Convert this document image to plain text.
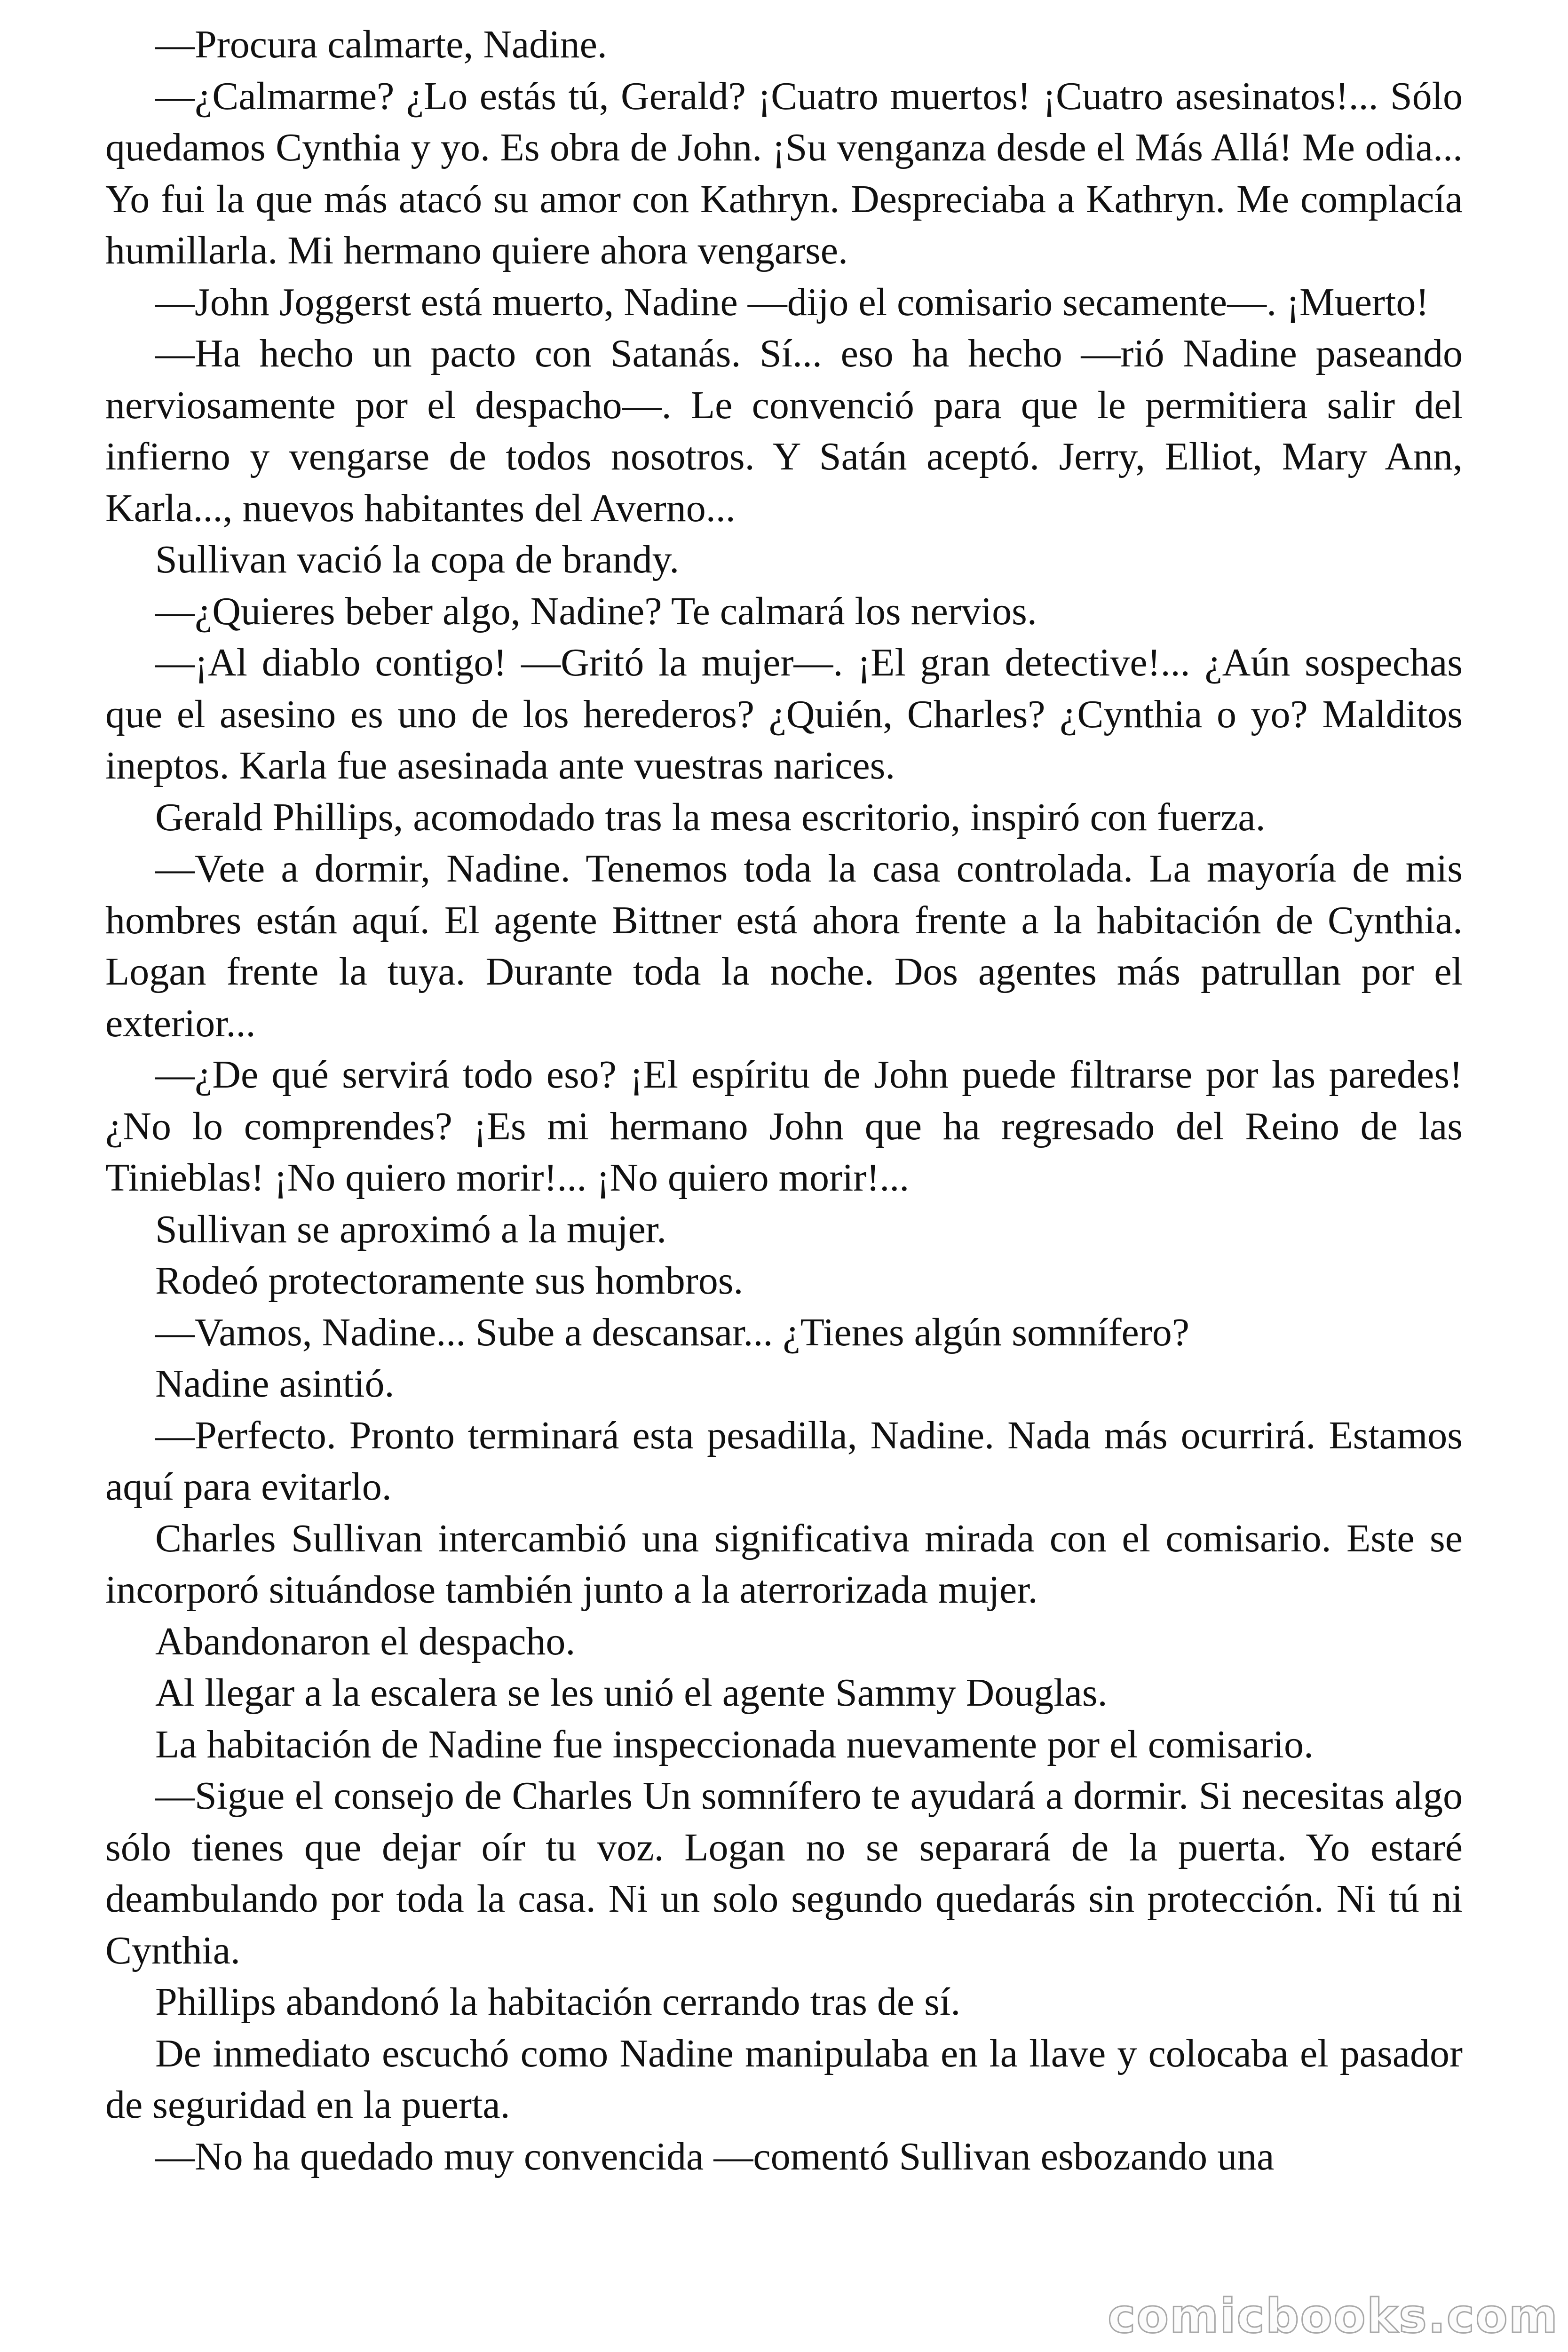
—Procura calmarte, Nadine.

—¿Calmarme? ¿Lo estás tú, Gerald? ¡Cuatro muertos! ¡Cuatro asesinatos!... Sólo quedamos Cynthia y yo. Es obra de John. ¡Su venganza desde el Más Allá! Me odia... Yo fui la que más atacó su amor con Kathryn. Despreciaba a Kathryn. Me complacía humillarla. Mi hermano quiere ahora vengarse.

—John Joggerst está muerto, Nadine —dijo el comisario secamente—. ¡Muerto!

—Ha hecho un pacto con Satanás. Sí... eso ha hecho —rió Nadine paseando nerviosamente por el despacho—. Le convenció para que le permitiera salir del infierno y vengarse de todos nosotros. Y Satán aceptó. Jerry, Elliot, Mary Ann, Karla..., nuevos habitantes del Averno...

Sullivan vació la copa de brandy.

—¿Quieres beber algo, Nadine? Te calmará los nervios.

—¡Al diablo contigo! —Gritó la mujer—. ¡El gran detective!... ¿Aún sospechas que el asesino es uno de los herederos? ¿Quién, Charles? ¿Cynthia o yo? Malditos ineptos. Karla fue asesinada ante vuestras narices.

Gerald Phillips, acomodado tras la mesa escritorio, inspiró con fuerza.

—Vete a dormir, Nadine. Tenemos toda la casa controlada. La mayoría de mis hombres están aquí. El agente Bittner está ahora frente a la habitación de Cynthia. Logan frente la tuya. Durante toda la noche. Dos agentes más patrullan por el exterior...

—¿De qué servirá todo eso? ¡El espíritu de John puede filtrarse por las paredes! ¿No lo comprendes? ¡Es mi hermano John que ha regresado del Reino de las Tinieblas! ¡No quiero morir!... ¡No quiero morir!...

Sullivan se aproximó a la mujer.

Rodeó protectoramente sus hombros.

—Vamos, Nadine... Sube a descansar... ¿Tienes algún somnífero?

Nadine asintió.

—Perfecto. Pronto terminará esta pesadilla, Nadine. Nada más ocurrirá. Estamos aquí para evitarlo.

Charles Sullivan intercambió una significativa mirada con el comisario. Este se incorporó situándose también junto a la aterrorizada mujer.

Abandonaron el despacho.

Al llegar a la escalera se les unió el agente Sammy Douglas.

La habitación de Nadine fue inspeccionada nuevamente por el comisario.

—Sigue el consejo de Charles Un somnífero te ayudará a dormir. Si necesitas algo sólo tienes que dejar oír tu voz. Logan no se separará de la puerta. Yo estaré deambulando por toda la casa. Ni un solo segundo quedarás sin protección. Ni tú ni Cynthia.

Phillips abandonó la habitación cerrando tras de sí.

De inmediato escuchó como Nadine manipulaba en la llave y colocaba el pasador de seguridad en la puerta.

—No ha quedado muy convencida —comentó Sullivan esbozando una

comicbooks.com
